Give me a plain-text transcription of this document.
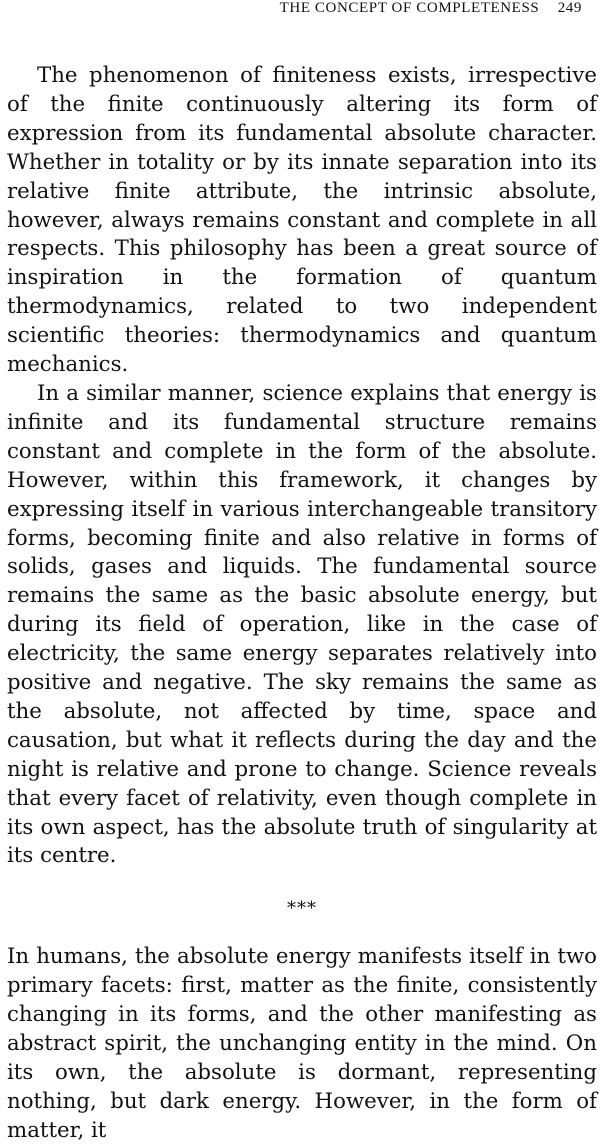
THE CONCEPT OF COMPLETENESS 249

The phenomenon of finiteness exists, irrespective of the finite continuously altering its form of expression from its fundamental absolute character. Whether in totality or by its innate separation into its relative finite attribute, the intrinsic absolute, however, always remains constant and complete in all respects. This philosophy has been a great source of inspiration in the formation of quantum thermodynamics, related to two independent scientific theories: thermodynamics and quantum mechanics.

In a similar manner, science explains that energy is infinite and its fundamental structure remains constant and complete in the form of the absolute. However, within this framework, it changes by expressing itself in various interchangeable transitory forms, becoming finite and also relative in forms of solids, gases and liquids. The fundamental source remains the same as the basic absolute energy, but during its field of operation, like in the case of electricity, the same energy separates relatively into positive and negative. The sky remains the same as the absolute, not affected by time, space and causation, but what it reflects during the day and the night is relative and prone to change. Science reveals that every facet of relativity, even though complete in its own aspect, has the absolute truth of singularity at its centre.

***

In humans, the absolute energy manifests itself in two primary facets: first, matter as the finite, consistently changing in its forms, and the other manifesting as abstract spirit, the unchanging entity in the mind. On its own, the absolute is dormant, representing nothing, but dark energy. However, in the form of matter, it
